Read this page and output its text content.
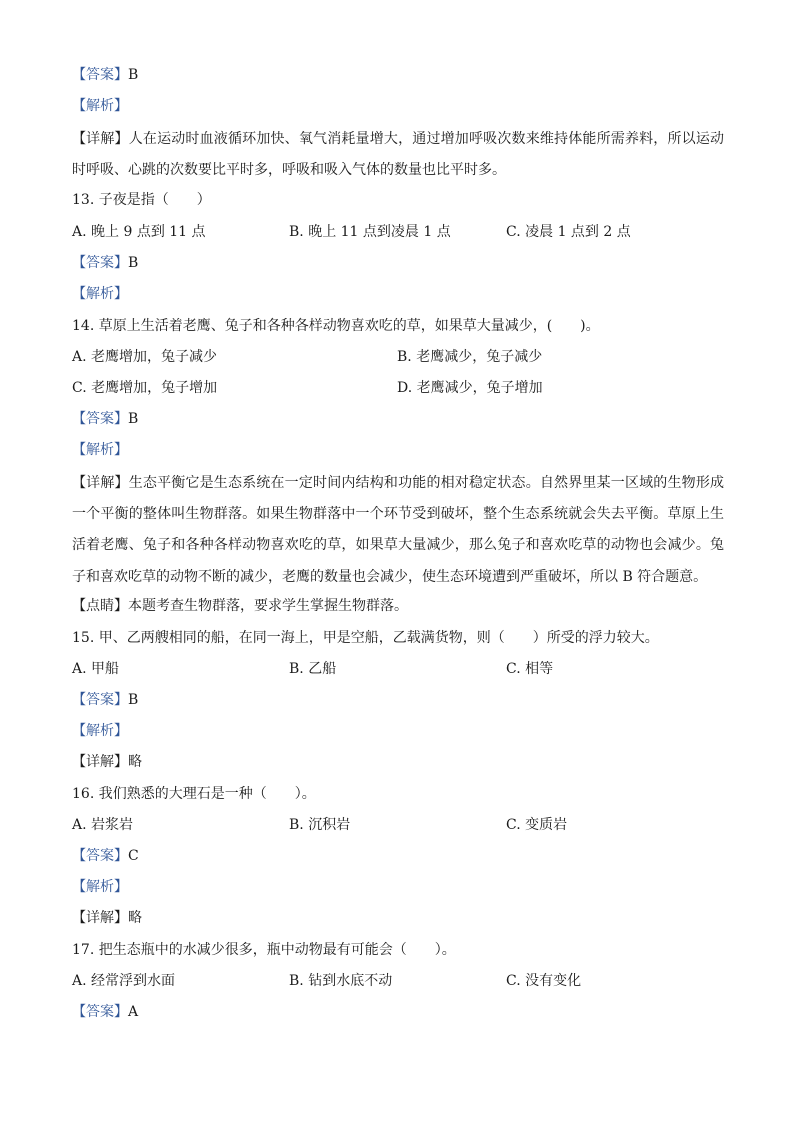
【答案】B
【解析】
【详解】人在运动时血液循环加快、氧气消耗量增大，通过增加呼吸次数来维持体能所需养料，所以运动时呼吸、心跳的次数要比平时多，呼吸和吸入气体的数量也比平时多。
13. 子夜是指（　　）
A. 晚上 9 点到 11 点	B. 晚上 11 点到凌晨 1 点	C. 凌晨 1 点到 2 点
【答案】B
【解析】
14. 草原上生活着老鹰、兔子和各种各样动物喜欢吃的草，如果草大量减少，(　　)。
A. 老鹰增加，兔子减少	B. 老鹰减少，兔子减少
C. 老鹰增加，兔子增加	D. 老鹰减少，兔子增加
【答案】B
【解析】
【详解】生态平衡它是生态系统在一定时间内结构和功能的相对稳定状态。自然界里某一区域的生物形成一个平衡的整体叫生物群落。如果生物群落中一个环节受到破坏，整个生态系统就会失去平衡。草原上生活着老鹰、兔子和各种各样动物喜欢吃的草，如果草大量减少，那么兔子和喜欢吃草的动物也会减少。兔子和喜欢吃草的动物不断的减少，老鹰的数量也会减少，使生态环境遭到严重破坏，所以 B 符合题意。
【点睛】本题考查生物群落，要求学生掌握生物群落。
15. 甲、乙两艘相同的船，在同一海上，甲是空船，乙载满货物，则（　　）所受的浮力较大。
A. 甲船	B. 乙船	C. 相等
【答案】B
【解析】
【详解】略
16. 我们熟悉的大理石是一种（　　）。
A. 岩浆岩	B. 沉积岩	C. 变质岩
【答案】C
【解析】
【详解】略
17. 把生态瓶中的水减少很多，瓶中动物最有可能会（　　）。
A. 经常浮到水面	B. 钻到水底不动	C. 没有变化
【答案】A
